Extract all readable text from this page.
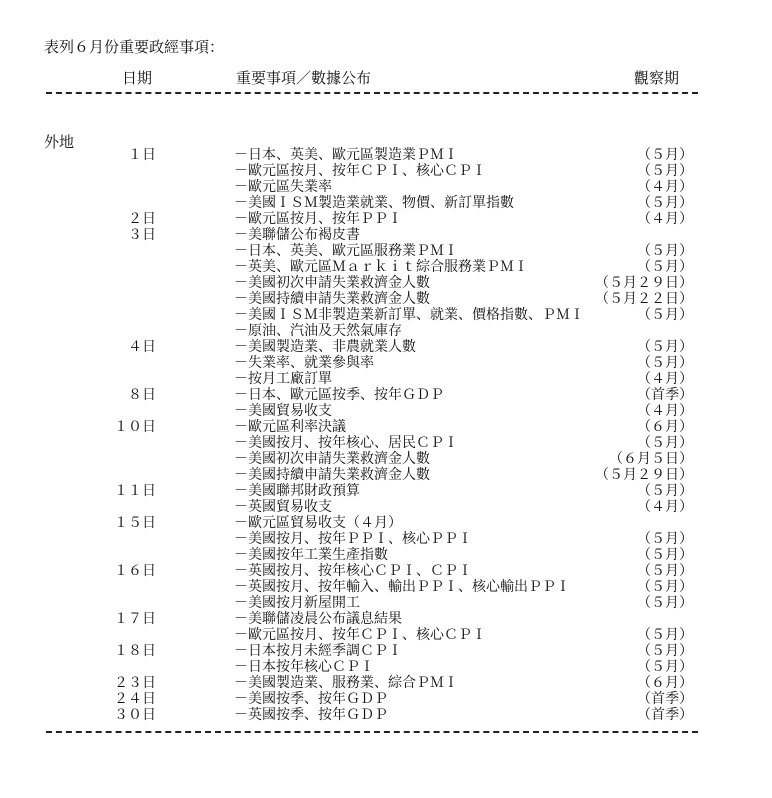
表列６月份重要政經事項：
日期	重要事項／數據公布	觀察期
外地
１日	－日本、英美、歐元區製造業ＰＭＩ	（５月）
－歐元區按月、按年ＣＰＩ、核心ＣＰＩ	（５月）
－歐元區失業率	（４月）
－美國ＩＳＭ製造業就業、物價、新訂單指數	（５月）
２日	－歐元區按月、按年ＰＰＩ	（４月）
３日	－美聯儲公布褐皮書
－日本、英美、歐元區服務業ＰＭＩ	（５月）
－英美、歐元區Ｍａｒｋｉｔ綜合服務業ＰＭＩ	（５月）
－美國初次申請失業救濟金人數	（５月２９日）
－美國持續申請失業救濟金人數	（５月２２日）
－美國ＩＳＭ非製造業新訂單、就業、價格指數、ＰＭＩ	（５月）
－原油、汽油及天然氣庫存
４日	－美國製造業、非農就業人數	（５月）
－失業率、就業參與率	（５月）
－按月工廠訂單	（４月）
８日	－日本、歐元區按季、按年ＧＤＰ	（首季）
－美國貿易收支	（４月）
１０日	－歐元區利率決議	（６月）
－美國按月、按年核心、居民ＣＰＩ	（５月）
－美國初次申請失業救濟金人數	（６月５日）
－美國持續申請失業救濟金人數	（５月２９日）
１１日	－美國聯邦財政預算	（５月）
－英國貿易收支	（４月）
１５日	－歐元區貿易收支（４月）
－美國按月、按年ＰＰＩ、核心ＰＰＩ	（５月）
－美國按年工業生產指數	（５月）
１６日	－英國按月、按年核心ＣＰＩ、ＣＰＩ	（５月）
－英國按月、按年輸入、輸出ＰＰＩ、核心輸出ＰＰＩ	（５月）
－美國按月新屋開工	（５月）
１７日	－美聯儲凌晨公布議息結果
－歐元區按月、按年ＣＰＩ、核心ＣＰＩ	（５月）
１８日	－日本按月未經季調ＣＰＩ	（５月）
－日本按年核心ＣＰＩ	（５月）
２３日	－美國製造業、服務業、綜合ＰＭＩ	（６月）
２４日	－美國按季、按年ＧＤＰ	（首季）
３０日	－英國按季、按年ＧＤＰ	（首季）
